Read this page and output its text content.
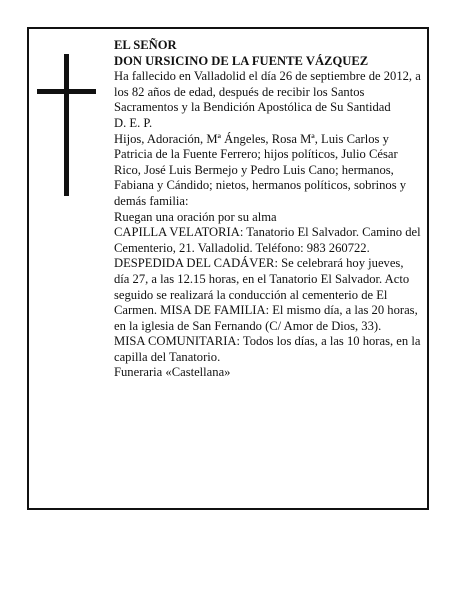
EL SEÑOR

DON URSICINO DE LA FUENTE VÁZQUEZ

Ha fallecido en Valladolid el día 26 de septiembre de 2012, a los 82 años de edad, después de recibir los Santos Sacramentos y la Bendición Apostólica de Su Santidad

D. E. P.

Hijos, Adoración, Mª Ángeles, Rosa Mª, Luis Carlos y Patricia de la Fuente Ferrero; hijos políticos, Julio César Rico, José Luis Bermejo y Pedro Luis Cano; hermanos, Fabiana y Cándido; nietos, hermanos políticos, sobrinos y demás familia:

Ruegan una oración por su alma

CAPILLA VELATORIA: Tanatorio El Salvador. Camino del Cementerio, 21. Valladolid. Teléfono: 983 260722.

DESPEDIDA DEL CADÁVER: Se celebrará hoy jueves, día 27, a las 12.15 horas, en el Tanatorio El Salvador. Acto seguido se realizará la conducción al cementerio de El Carmen. MISA DE FAMILIA: El mismo día, a las 20 horas, en la iglesia de San Fernando (C/ Amor de Dios, 33).

MISA COMUNITARIA: Todos los días, a las 10 horas, en la capilla del Tanatorio.

Funeraria «Castellana»
